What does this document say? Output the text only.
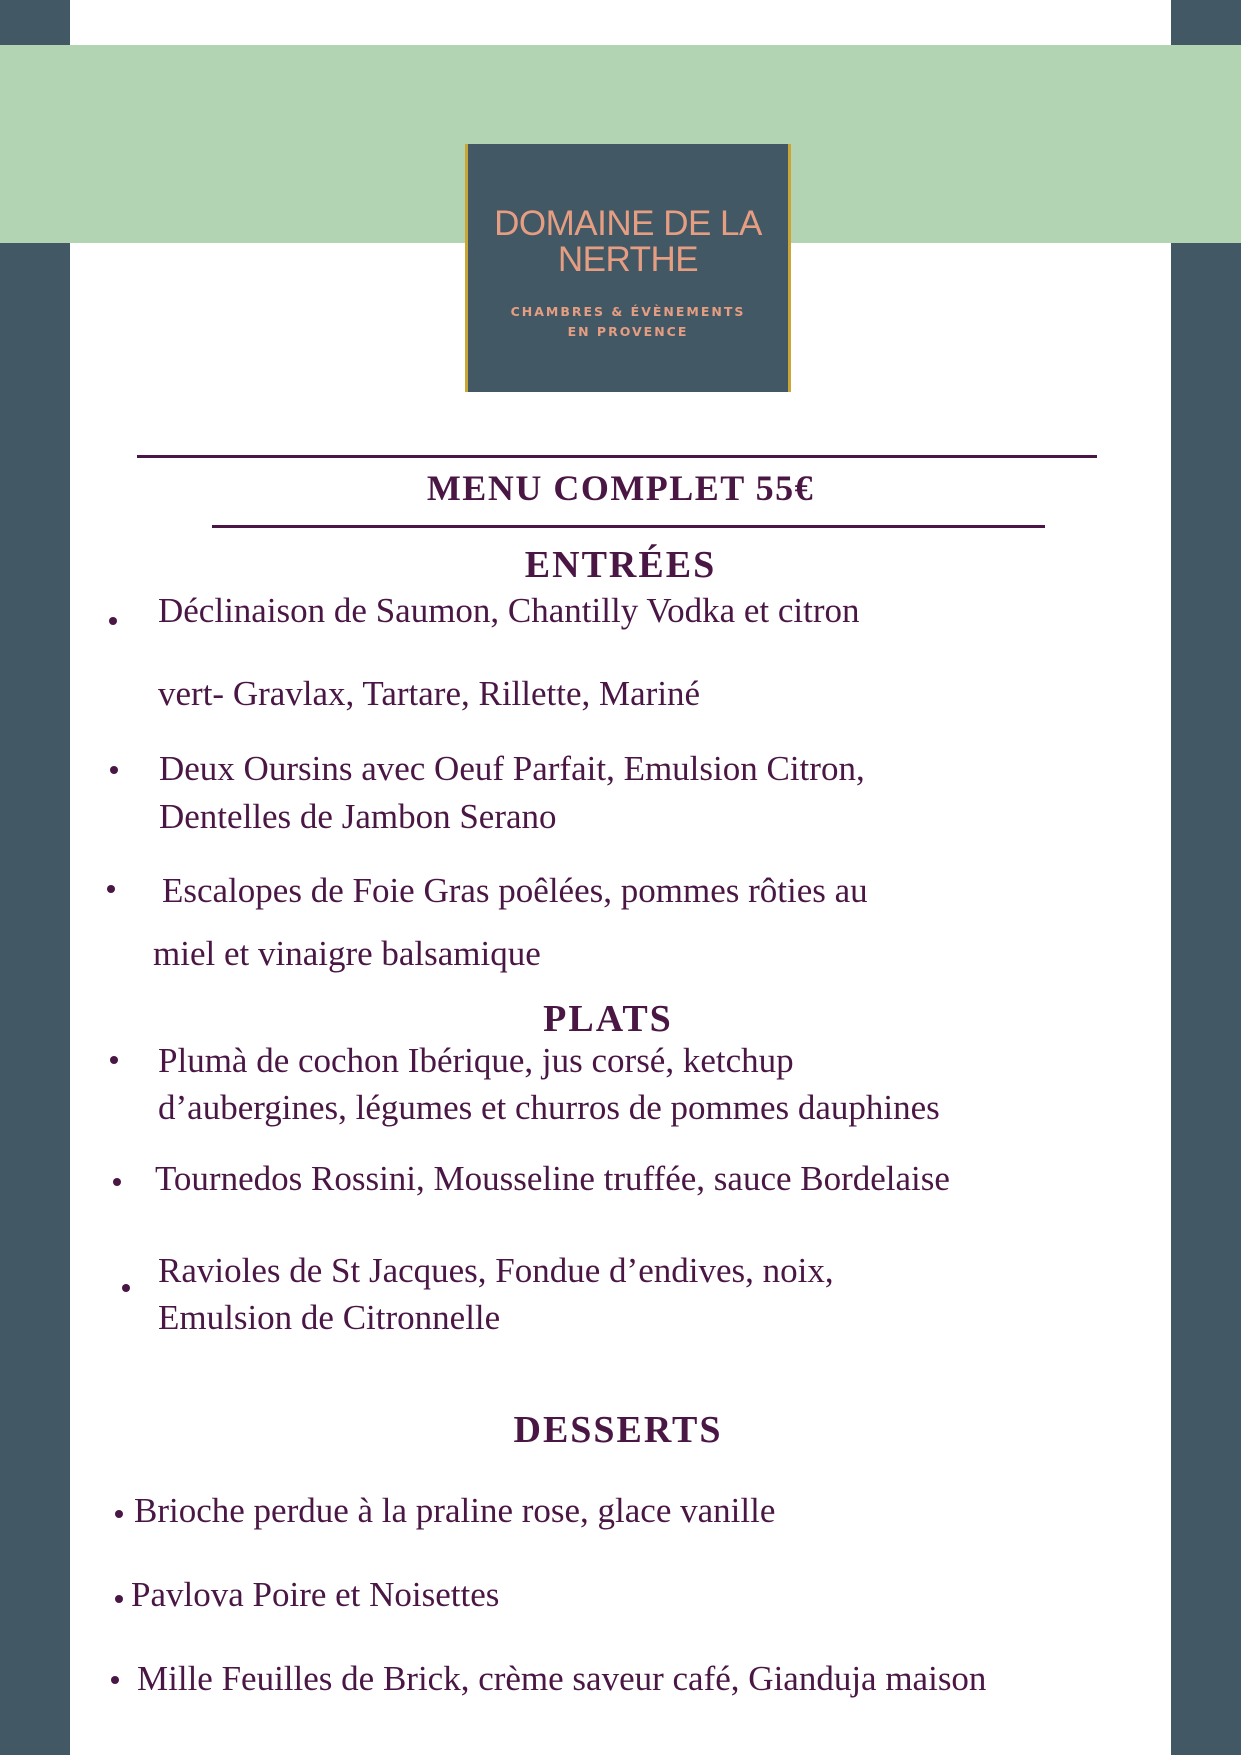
DOMAINE DE LA
NERTHE
CHAMBRES & ÉVÈNEMENTS
EN PROVENCE
MENU COMPLET 55€
ENTRÉES
Déclinaison de Saumon, Chantilly Vodka et citron
vert- Gravlax, Tartare, Rillette, Mariné
Deux Oursins avec Oeuf Parfait, Emulsion Citron,
Dentelles de Jambon Serano
Escalopes de Foie Gras poêlées, pommes rôties au
miel et vinaigre balsamique
PLATS
Plumà de cochon Ibérique, jus corsé, ketchup
d’aubergines, légumes et churros de pommes dauphines
Tournedos Rossini, Mousseline truffée, sauce Bordelaise
Ravioles de St Jacques, Fondue d’endives, noix,
Emulsion de Citronnelle
DESSERTS
Brioche perdue à la praline rose, glace vanille
Pavlova Poire et Noisettes
Mille Feuilles de Brick, crème saveur café, Gianduja maison
